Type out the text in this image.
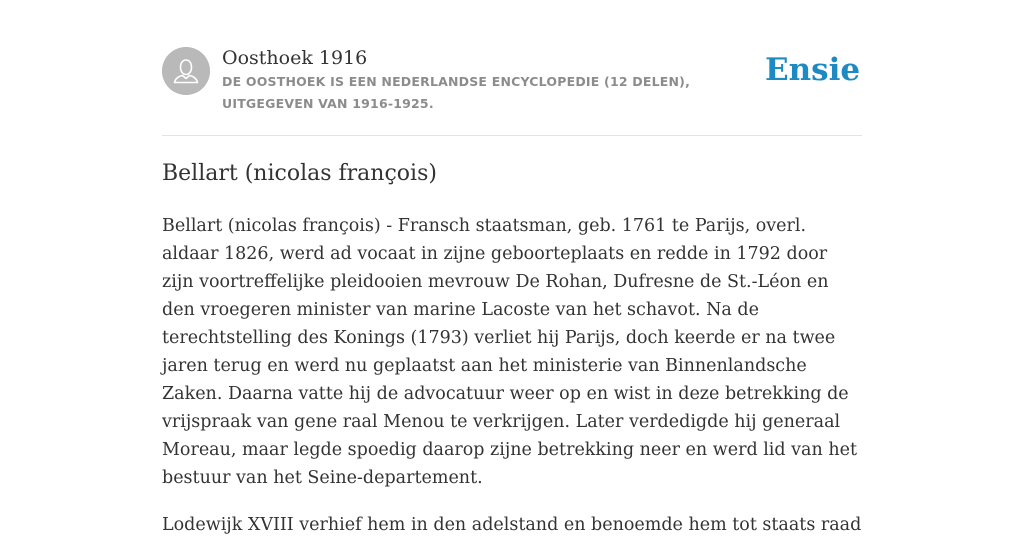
Oosthoek 1916
DE OOSTHOEK IS EEN NEDERLANDSE ENCYCLOPEDIE (12 DELEN), UITGEGEVEN VAN 1916-1925.
Ensie
Bellart (nicolas françois)

Bellart (nicolas françois) - Fransch staatsman, geb. 1761 te Parijs, overl. aldaar 1826, werd ad vocaat in zijne geboorteplaats en redde in 1792 door zijn voortreffelijke pleidooien mevrouw De Rohan, Dufresne de St.-Léon en den vroegeren minister van marine Lacoste van het schavot. Na de terechtstelling des Konings (1793) verliet hij Parijs, doch keerde er na twee jaren terug en werd nu geplaatst aan het ministerie van Binnenlandsche Zaken. Daarna vatte hij de advocatuur weer op en wist in deze betrekking de vrijspraak van gene raal Menou te verkrijgen. Later verdedigde hij generaal Moreau, maar legde spoedig daarop zijne betrekking neer en werd lid van het bestuur van het Seine-departement.

Lodewijk XVIII verhief hem in den adelstand en benoemde hem tot staats raad
